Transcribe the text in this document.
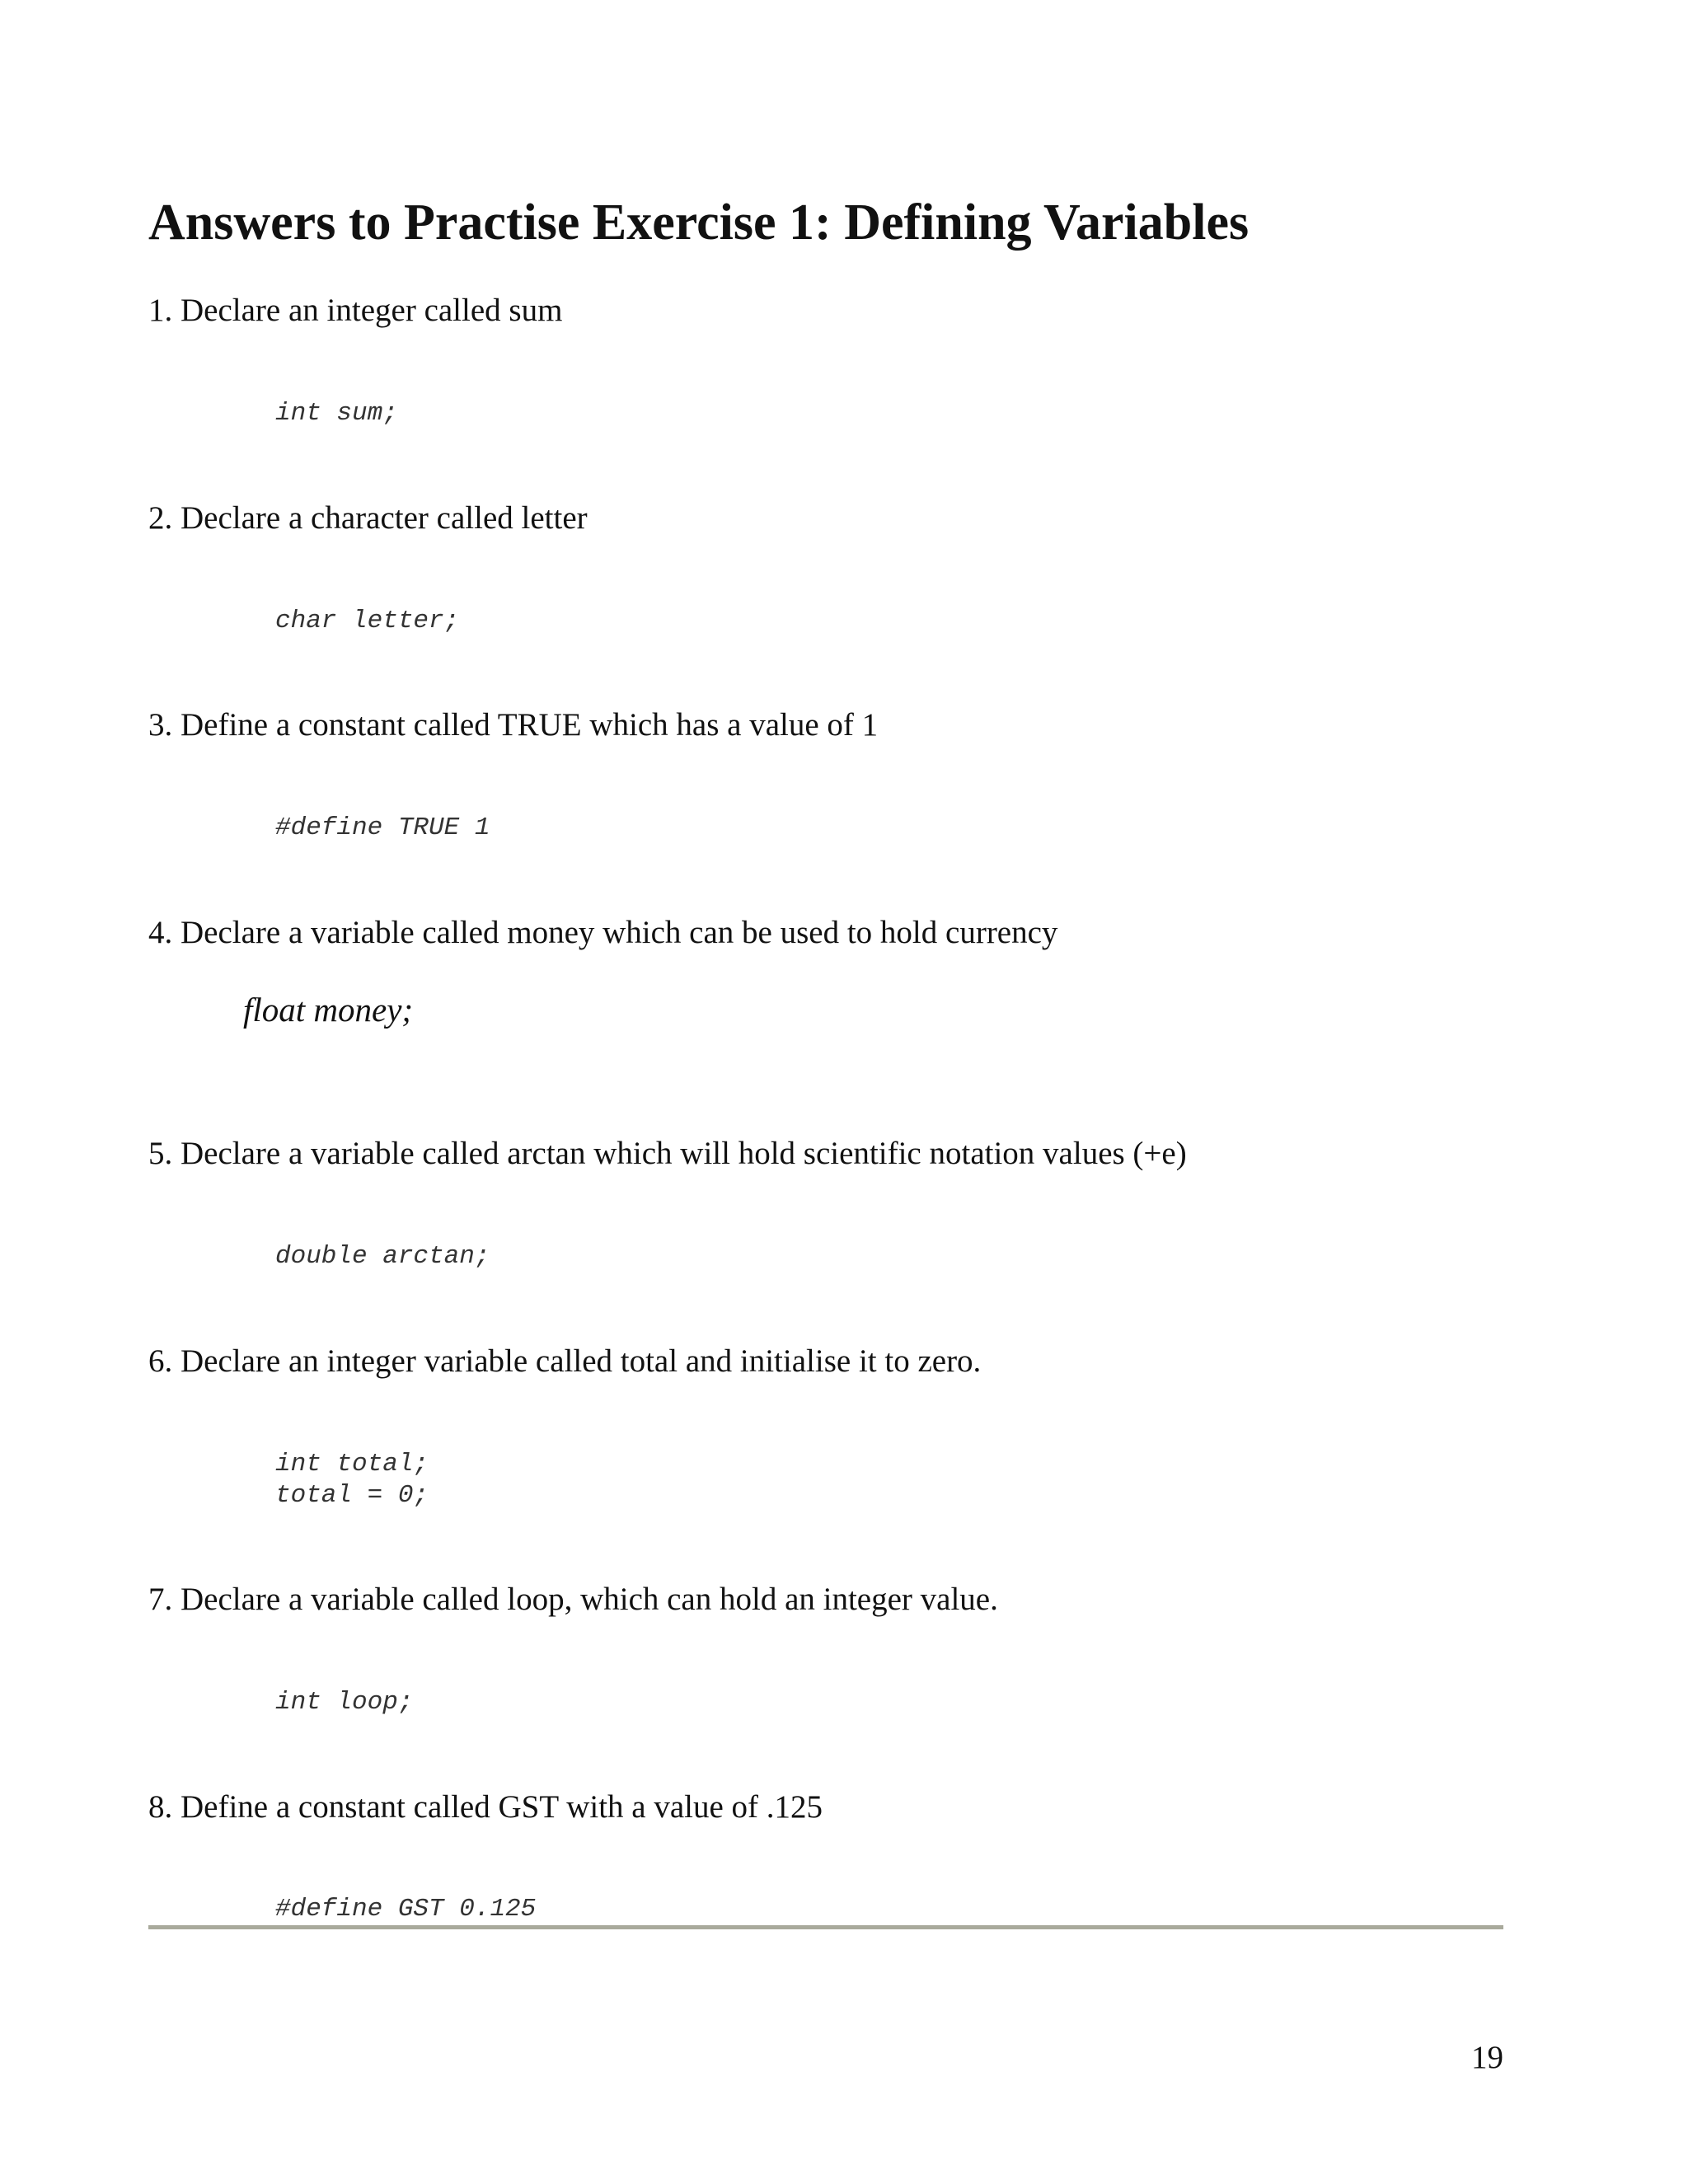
Answers to Practise Exercise 1: Defining Variables

1. Declare an integer called sum

int sum;

2. Declare a character called letter

char letter;

3. Define a constant called TRUE which has a value of 1

#define TRUE 1

4. Declare a variable called money which can be used to hold currency

float money;

5. Declare a variable called arctan which will hold scientific notation values (+e)

double arctan;

6. Declare an integer variable called total and initialise it to zero.

int total;
total = 0;

7. Declare a variable called loop, which can hold an integer value.

int loop;

8. Define a constant called GST with a value of .125

#define GST 0.125

19
